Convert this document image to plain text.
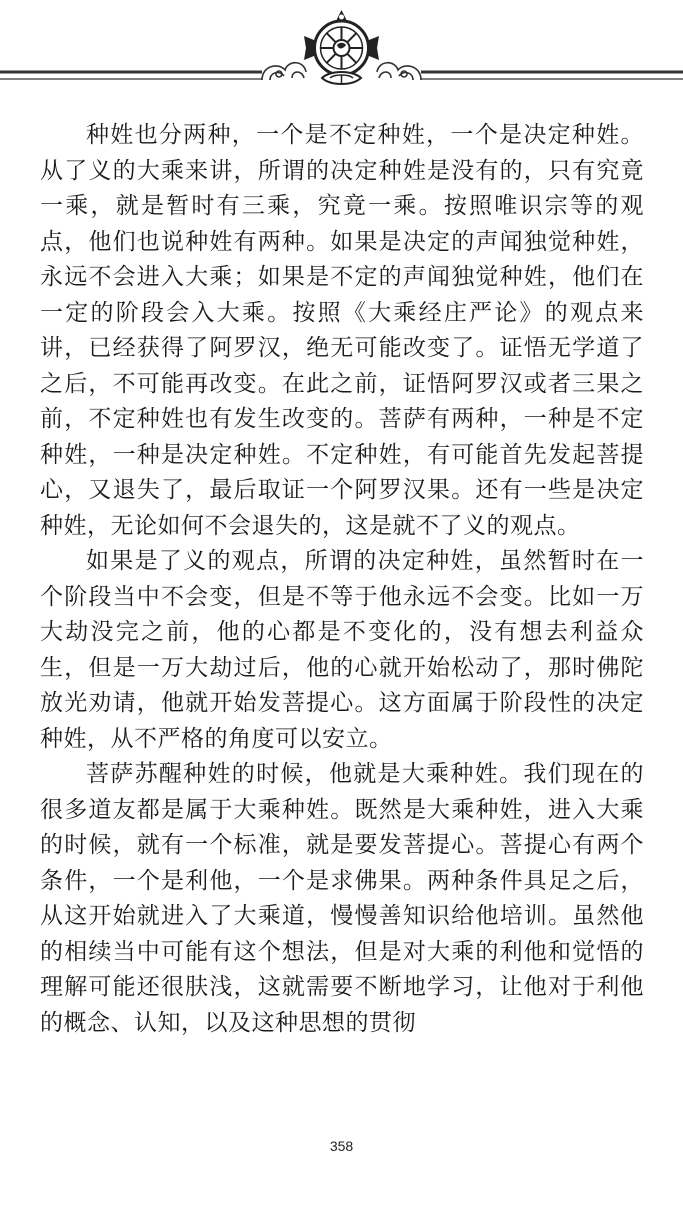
种姓也分两种，一个是不定种姓，一个是决定种姓。从了义的大乘来讲，所谓的决定种姓是没有的，只有究竟一乘，就是暂时有三乘，究竟一乘。按照唯识宗等的观点，他们也说种姓有两种。如果是决定的声闻独觉种姓，永远不会进入大乘；如果是不定的声闻独觉种姓，他们在一定的阶段会入大乘。按照《大乘经庄严论》的观点来讲，已经获得了阿罗汉，绝无可能改变了。证悟无学道了之后，不可能再改变。在此之前，证悟阿罗汉或者三果之前，不定种姓也有发生改变的。菩萨有两种，一种是不定种姓，一种是决定种姓。不定种姓，有可能首先发起菩提心，又退失了，最后取证一个阿罗汉果。还有一些是决定种姓，无论如何不会退失的，这是就不了义的观点。

如果是了义的观点，所谓的决定种姓，虽然暂时在一个阶段当中不会变，但是不等于他永远不会变。比如一万大劫没完之前，他的心都是不变化的，没有想去利益众生，但是一万大劫过后，他的心就开始松动了，那时佛陀放光劝请，他就开始发菩提心。这方面属于阶段性的决定种姓，从不严格的角度可以安立。

菩萨苏醒种姓的时候，他就是大乘种姓。我们现在的很多道友都是属于大乘种姓。既然是大乘种姓，进入大乘的时候，就有一个标准，就是要发菩提心。菩提心有两个条件，一个是利他，一个是求佛果。两种条件具足之后，从这开始就进入了大乘道，慢慢善知识给他培训。虽然他的相续当中可能有这个想法，但是对大乘的利他和觉悟的理解可能还很肤浅，这就需要不断地学习，让他对于利他的概念、认知，以及这种思想的贯彻

358
